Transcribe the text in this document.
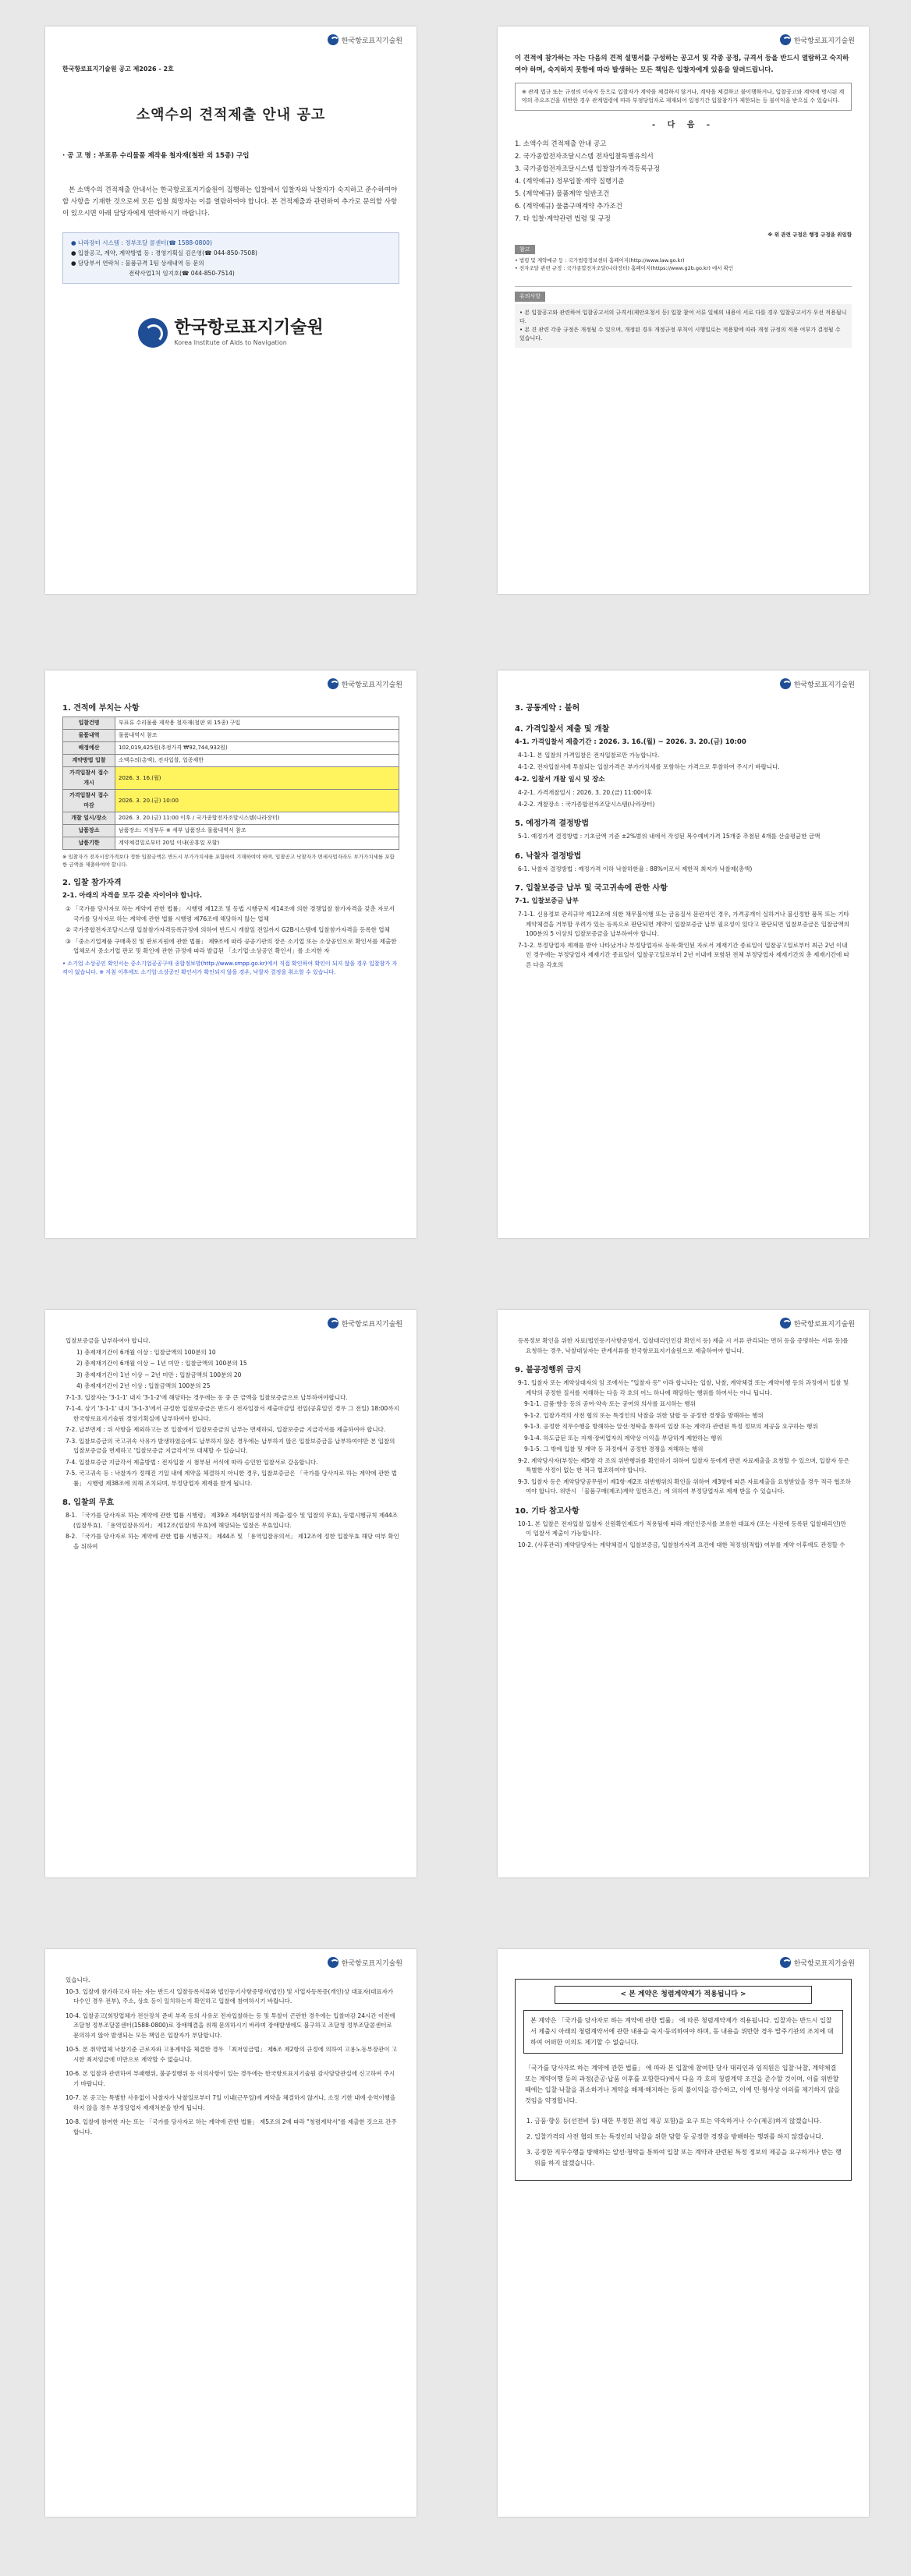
한국항로표지기술원
한국항로표지기술원 공고 제2026 - 2호
소액수의 견적제출 안내 공고
· 공 고 명 : 부표류 수리물품 제작용 철자재(철판 외 15종) 구입
본 소액수의 견적제출 안내서는 한국항로표지기술원이 집행하는 입찰에서 입찰자와 낙찰자가 숙지하고 준수하여야 할 사항을 기재한 것으로써 모든 입찰 희망자는 이를 열람하여야 합니다. 본 견적제출과 관련하여 추가로 문의할 사항이 있으시면 아래 담당자에게 연락하시기 바랍니다.
● 나라장터 시스템 : 정부조달 콜센터(☎ 1588-0800)
● 입찰공고, 계약, 계약방법 등 : 경영기획실 김은영(☎ 044-850-7508)
● 담당부서 연락처 : 물품규격 1팀 상세내역 등 문의
전략사업1처 임지호(☎ 044-850-7514)
한국항로표지기술원
Korea Institute of Aids to Navigation
한국항로표지기술원
이 견적에 참가하는 자는 다음의 견적 설명서를 구성하는 공고서 및 각종 공정, 규격서 등을 반드시 열람하고 숙지하여야 하며, 숙지하지 못함에 따라 발생하는 모든 책임은 입찰자에게 있음을 알려드립니다.
※ 관계 법규 또는 규정의 미숙지 등으로 입찰자가 계약을 체결하지 않거나, 계약을 체결하고 불이행하거나, 입찰공고와 계약에 명시된 계약의 주요조건을 위반한 경우 관계법령에 따라 부정당업자로 제재되어 일정기간 입찰참가가 제한되는 등 불이익을 받으실 수 있습니다.
- 다 음 -
1. 소액수의 견적제출 안내 공고
2. 국가종합전자조달시스템 전자입찰특별유의서
3. 국가종합전자조달시스템 입찰참가자격등록규정
4. (계약예규) 정부입찰·계약 집행기준
5. (계약예규) 물품계약 일반조건
6. (계약예규) 물품구매계약 추가조건
7. 타 입찰·계약관련 법령 및 규정
※ 위 관련 규정은 행정 규정을 위임함
참고
• 법령 및 계약예규 등 : 국가법령정보센터 홈페이지(http://www.law.go.kr)
• 전자조달 관련 규정 : 국가종합전자조달(나라장터) 홈페이지(https://www.g2b.go.kr) 에서 확인
유의사항
• 본 입찰공고와 관련하여 입찰공고서의 규격서(제안요청서 등) 입찰 참여 서류 일체의 내용이 서로 다를 경우 입찰공고서가 우선 적용됩니다.
• 본 견 관련 각종 규정은 개정될 수 있으며, 개정된 경우 개정규정 부칙이 시행일로는 적용함에 따라 개정 규정의 적용 여부가 결정될 수 있습니다.
한국항로표지기술원
1. 견적에 부치는 사항
입찰건명	부표류 수리물품 제작용 철자재(철판 외 15종) 구입
물품내역	물품내역서 참조
배정예산	102,019,425원(추정가격 ₩92,744,932원)
계약방법 입찰	소액수의(총액), 전자입찰, 업종제한
가격입찰서 접수 개시	2026. 3. 16.(월)
가격입찰서 접수 마감	2026. 3. 20.(금) 10:00
개찰 일시/장소	2026. 3. 20.(금) 11:00 이후 / 국가종합전자조달시스템(나라장터)
납품장소	남품장소: 지정부두 ※ 세부 납품장소 물품내역서 참조
납품기한	계약체결일로부터 20일 이내(공휴일 포함)
※ 입찰자가 전자시장가격보다 정한 입찰금액은 반드시 부가가치세를 포함하여 기재하여야 하며, 입찰공고 낙찰자가 면세사업자라도 부가가치세를 포함한 금액을 제출하여야 합니다.
2. 입찰 참가자격
2-1. 아래의 자격을 모두 갖춘 자이어야 합니다.
① 「국가를 당사자로 하는 계약에 관한 법률」 시행령 제12조 및 동법 시행규칙 제14조에 의한 경쟁입찰 참가자격을 갖춘 자로서 국가를 당사자로 하는 계약에 관한 법률 시행령 제76조에 해당하지 않는 업체
② 국가종합전자조달시스템 입찰참가자격등록규정에 의하여 반드시 개찰일 전일까지 G2B시스템에 입찰참가자격을 등록한 업체
③ 「중소기업제품 구매촉진 및 판로지원에 관한 법률」 제9조에 따라 공공기관의 장은 소기업 또는 소상공인으로 확인서를 제출한 업체로서 중소기업 판로 및 확인에 관한 규정에 따라 발급된 「소기업·소상공인 확인서」를 소지한 자
• 소기업 소상공인 확인서는 중소기업공공구매 종합정보망(http://www.smpp.go.kr)에서 직접 확인하여 확인이 되지 않을 경우 입찰참가 자격이 없습니다. ※ 지침 이후에도 소기업·소상공인 확인서가 확인되지 않을 경우, 낙찰자 결정을 취소할 수 있습니다.
한국항로표지기술원
3. 공동계약 : 불허
4. 가격입찰서 제출 및 개찰
4-1. 가격입찰서 제출기간 : 2026. 3. 16.(월) ~ 2026. 3. 20.(금) 10:00
4-1-1. 본 입찰의 가격입찰은 전자입찰로만 가능합니다.
4-1-2. 전자입찰서에 투찰되는 입찰가격은 부가가치세를 포함하는 가격으로 투찰하여 주시기 바랍니다.
4-2. 입찰서 개찰 일시 및 장소
4-2-1. 가격개찰일시 : 2026. 3. 20.(금) 11:00이후
4-2-2. 개찰장소 : 국가종합전자조달시스템(나라장터)
5. 예정가격 결정방법
5-1. 예정가격 결정방법 : 기초금액 기준 ±2%범위 내에서 작성된 복수예비가격 15개중 추첨된 4개를 산술평균한 금액
6. 낙찰자 결정방법
6-1. 낙찰자 결정방법 : 예정가격 이하 낙찰하한율 : 88%이로서 제한적 최저가 낙찰제(총액)
7. 입찰보증금 납부 및 국고귀속에 관한 사항
7-1. 입찰보증금 납부
7-1-1. 신용정보 관리규약 제12조에 의한 채무불이행 또는 금융질서 문란자인 경우, 가격공개이 실하거나 불신정한 품목 또는 기타 계약체결을 거부할 우려가 있는 등록으로 판단되면 계약이 입찰보증금 납부 필요성이 있다고 판단되면 입찰보증금은 입찰금액의 100분의 5 이상의 입찰보증금을 납부하여야 합니다.
7-1-2. 부정당업자 제재를 받아 나타났거나 부정당업자로 등록·확인된 자로서 제재기간 종료일이 입찰공고일로부터 최근 2년 이내인 경우에는 부정당업자 제재기간 종료일이 입찰공고일로부터 2년 이내에 포함된 전체 부정당업자 제재기간의 총 제재기간에 따른 다음 각호의
한국항로표지기술원
입찰보증금을 납부하여야 합니다.
1) 총제재기간이 6개월 이상 : 입찰금액의 100분의 10
2) 총제재기간이 6개월 이상 ~ 1년 미만 : 입찰금액의 100분의 15
3) 총제재기간이 1년 이상 ~ 2년 미만 : 입찰금액의 100분의 20
4) 총제재기간이 2년 이상 : 입찰금액의 100분의 25
7-1-3. 입찰자는 '3-1-1' 내지 '3-1-2'에 해당하는 경우에는 동 중 큰 금액을 입찰보증금으로 납부하여야합니다.
7-1-4. 상기 '3-1-1' 내지 '3-1-3'에서 규정한 입찰보증금은 반드시 전자입찰서 제출마감일 전일(공휴일인 경우 그 전일) 18:00까지 한국항로표지기술원 경영기획실에 납부하여야 합니다.
7-2. 납부면제 : 위 사항을 제외하고는 본 입찰에서 입찰보증금의 납부는 면제하되, 입찰보증금 지급각서를 제출하여야 합니다.
7-3. 입찰보증금의 국고귀속 사유가 발생하였음에도 납부하지 않은 경우에는 납부하지 않은 입찰보증금을 납부하여야만 본 입찰의 입찰보증금을 면제하고 '입찰보증금 지급각서'로 대체할 수 있습니다.
7-4. 입찰보증금 지급각서 제출방법 : 전자입찰 시 첨부된 서식에 따라 승인한 입찰서로 갈음합니다.
7-5. 국고귀속 등 : 낙찰자가 정해진 기일 내에 계약을 체결하지 아니한 경우, 입찰보증금은 「국가를 당사자로 하는 계약에 관한 법률」 시행령 제38조에 의해 조치되며, 부정당업자 제재를 받게 됩니다.
8. 입찰의 무효
8-1. 「국가를 당사자로 하는 계약에 관한 법률 시행령」 제39조 제4항(입찰서의 제출·접수 및 입찰의 무효), 동법시행규칙 제44조(입찰무효), 「용역입찰유의서」 제12조(입찰의 무효)에 해당되는 입찰은 무효입니다.
8-2. 「국가를 당사자로 하는 계약에 관한 법률 시행규칙」 제44조 및 「용역입찰유의서」 제12조에 정한 입찰무효 해당 여부 확인을 위하여
한국항로표지기술원
등록정보 확인을 위한 자료(법인등기사항증명서, 입찰대리인인감 확인서 등) 제출 시 서류 관리되는 면허 등을 증명하는 서류 등)를 요청하는 경우, 낙찰대상자는 관계서류를 한국항로표지기술원으로 제출하여야 합니다.
9. 불공정행위 금지
9-1. 입찰자 또는 계약상대자의 임 조에서는 "입찰자 등" 이라 합니다는 입찰, 낙찰, 계약체결 또는 계약이행 등의 과정에서 입찰 및 계약의 공정한 질서를 저해하는 다음 각 호의 어느 하나에 해당하는 행위를 하여서는 아니 됩니다.
9-1-1. 금품·향응 등의 공여·약속 또는 공여의 의사를 표시하는 행위
9-1-2. 입찰가격의 사전 협의 또는 특정인의 낙찰을 위한 담합 등 공정한 경쟁을 방해하는 행위
9-1-3. 공정한 직무수행을 방해하는 알선·청탁을 통하여 입찰 또는 계약과 관련된 특정 정보의 제공을 요구하는 행위
9-1-4. 하도급된 또는 자재·장비업자의 계약상 이익을 부당하게 제한하는 행위
9-1-5. 그 밖에 입찰 및 계약 등 과정에서 공정한 경쟁을 저해하는 행위
9-2. 계약당사자(부정는 제5항 각 조의 위반행위를 확인하기 위하여 입찰자 등에게 관련 자료제출을 요청할 수 있으며, 입찰자 등은 특별한 사정이 없는 한 적극 협조하여야 합니다.
9-3. 입찰자 등은 계약담당공무원이 제1항·제2조 위반행위의 확인을 위하여 제3항에 따른 자료제출을 요청받았을 경우 적극 협조하여야 합니다. 위반시 「물품구매(제조)계약 일반조건」에 의하여 부정당업자로 제재 받을 수 있습니다.
10. 기타 참고사항
10-1. 본 입찰은 전자입찰 입찰자 신원확인제도가 적용됨에 따라 개인인증서를 보유한 대표자 (또는 사전에 등록된 입찰대리인)만이 입찰서 제출이 가능합니다.
10-2. (사후관리) 계약담당자는 계약체결시 입찰보증금, 입찰참가자격 요건에 대한 적정성(적합) 여부를 계약 이후에도 관정할 수
한국항로표지기술원
있습니다.
10-3. 입찰에 참가하고자 하는 자는 반드시 입찰등록서류와 법인등기사항증명서(법인) 및 사업자등록증(개인)상 대표자(대표자가 다수인 경우 전부), 주소, 상호 등이 일치하는지 확인하고 입찰에 참여하시기 바랍니다.
10-4. 입찰공고(희망업체가 전산장치 준비 부족 등의 사유로 전자입찰하는 등 및 투찰이 곤란한 경우에는 입찰마감 24시간 이전에 조달청 정부조달콜센터(1588-0800)로 장애해결을 위해 문의하시기 바라며 장애발생에도 불구하고 조달청 정부조달콜센터로 문의하지 않아 발생되는 모든 책임은 입찰자가 부담합니다.
10-5. 본 취약업체 낙찰기준 근로자와 고용계약을 체결한 경우 「최저임금법」 제6조 제2항의 규정에 의하여 고용노동부장관이 고시한 최저임금에 미만으로 계약할 수 없습니다.
10-6. 본 입찰과 관련하여 부패행위, 불공정행위 등 이의사항이 있는 경우에는 한국항로표지기술원 감사담당관실에 신고하여 주시기 바랍니다.
10-7. 본 공고는 특별한 사유없이 낙찰자가 낙찰일로부터 7일 이내(근무일)에 계약을 체결하지 않거나, 소정 기한 내에 송역이행을 하지 않을 경우 부정당업자 제재처분을 받게 됩니다.
10-8. 입찰에 참여한 자는 또는 「국가를 당사자로 하는 계약에 관한 법률」 제5조의 2에 따라 "청렴계약서"를 제출한 것으로 간주합니다.
한국항로표지기술원
< 본 계약은 청렴계약제가 적용됩니다 >
본 계약은 「국가를 당사자로 하는 계약에 관한 법률」 에 따른 청렴계약제가 적용됩니다. 입찰자는 반드시 입찰서 제출시 아래의 청렴계약서에 관한 내용을 숙지·동의하여야 하며, 동 내용을 위반한 경우 발주기관의 조치에 대하여 어떠한 이의도 제기할 수 없습니다.
「국가를 당사자로 하는 계약에 관한 법률」 에 따라 본 입찰에 참여한 당사 대리인과 임직원은 입찰·낙찰, 계약체결 또는 계약이행 등의 과정(준공·납품 이후를 포함한다)에서 다음 각 호의 청렴계약 조건을 준수할 것이며, 이를 위반할 때에는 입찰·낙찰을 취소하거나 계약을 해제·해지하는 등의 불이익을 감수하고, 이에 민·형사상 이의를 제기하지 않을 것임을 약정합니다.
1. 금품·향응 등(선전비 등) 대한 부정한 취업 제공 포함)을 요구 또는 약속하거나 수수(제공)하지 않겠습니다.
2. 입찰가격의 사전 협의 또는 특정인의 낙찰을 위한 담합 등 공정한 경쟁을 방해하는 행위를 하지 않겠습니다.
3. 공정한 직무수행을 방해하는 알선·청탁을 통하여 입찰 또는 계약과 관련된 특정 정보의 제공을 요구하거나 받는 행위를 하지 않겠습니다.
